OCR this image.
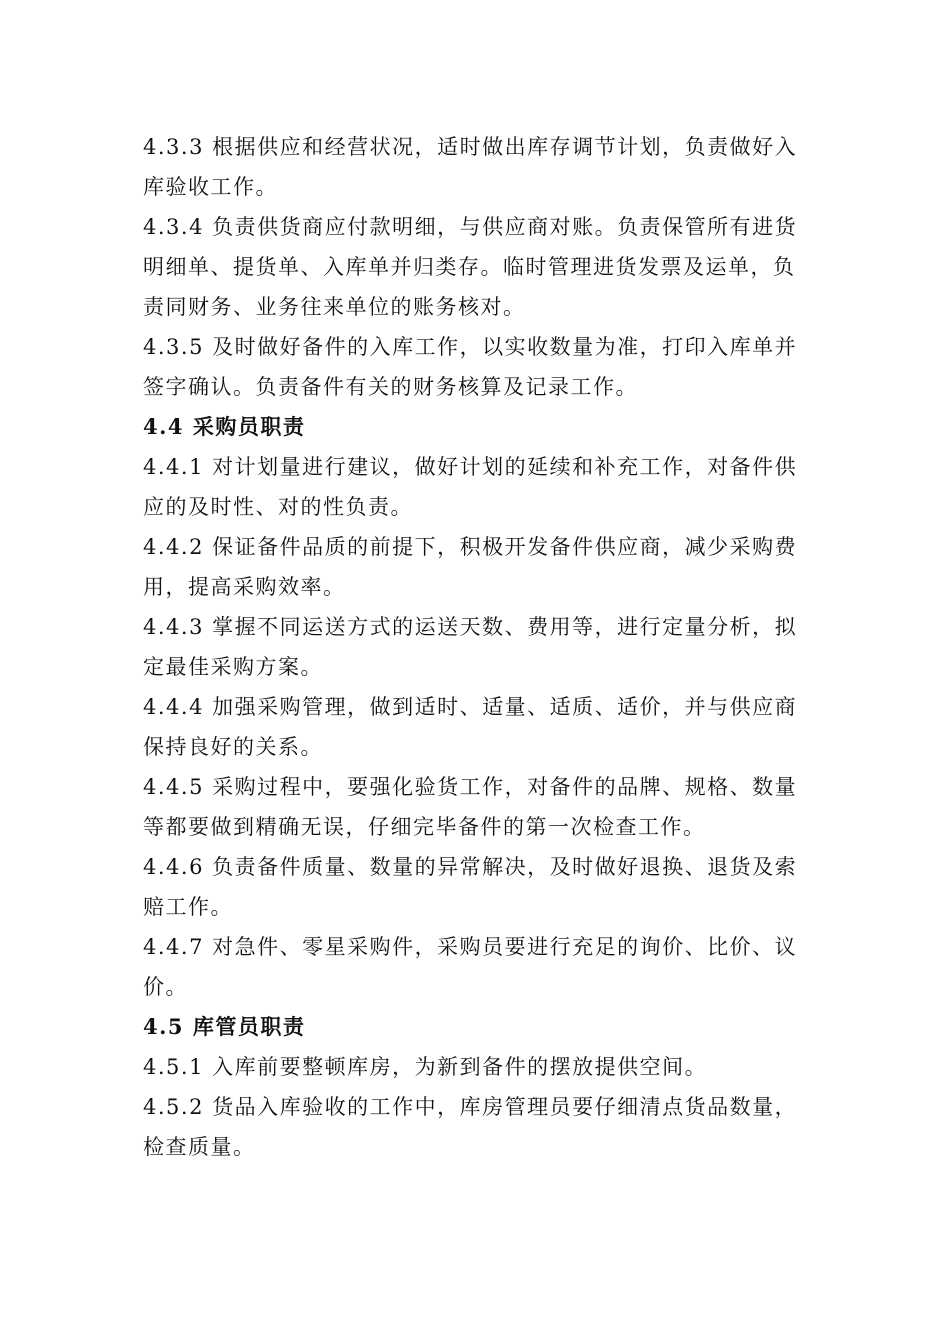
4.3.3 根据供应和经营状况，适时做出库存调节计划，负责做好入
库验收工作。
4.3.4 负责供货商应付款明细，与供应商对账。负责保管所有进货
明细单、提货单、入库单并归类存。临时管理进货发票及运单，负
责同财务、业务往来单位的账务核对。
4.3.5 及时做好备件的入库工作，以实收数量为准，打印入库单并
签字确认。负责备件有关的财务核算及记录工作。
4.4 采购员职责
4.4.1 对计划量进行建议，做好计划的延续和补充工作，对备件供
应的及时性、对的性负责。
4.4.2 保证备件品质的前提下，积极开发备件供应商，减少采购费
用，提高采购效率。
4.4.3 掌握不同运送方式的运送天数、费用等，进行定量分析，拟
定最佳采购方案。
4.4.4 加强采购管理，做到适时、适量、适质、适价，并与供应商
保持良好的关系。
4.4.5 采购过程中，要强化验货工作，对备件的品牌、规格、数量
等都要做到精确无误，仔细完毕备件的第一次检查工作。
4.4.6 负责备件质量、数量的异常解决，及时做好退换、退货及索
赔工作。
4.4.7 对急件、零星采购件，采购员要进行充足的询价、比价、议
价。
4.5 库管员职责
4.5.1 入库前要整顿库房，为新到备件的摆放提供空间。
4.5.2 货品入库验收的工作中，库房管理员要仔细清点货品数量，
检查质量。
